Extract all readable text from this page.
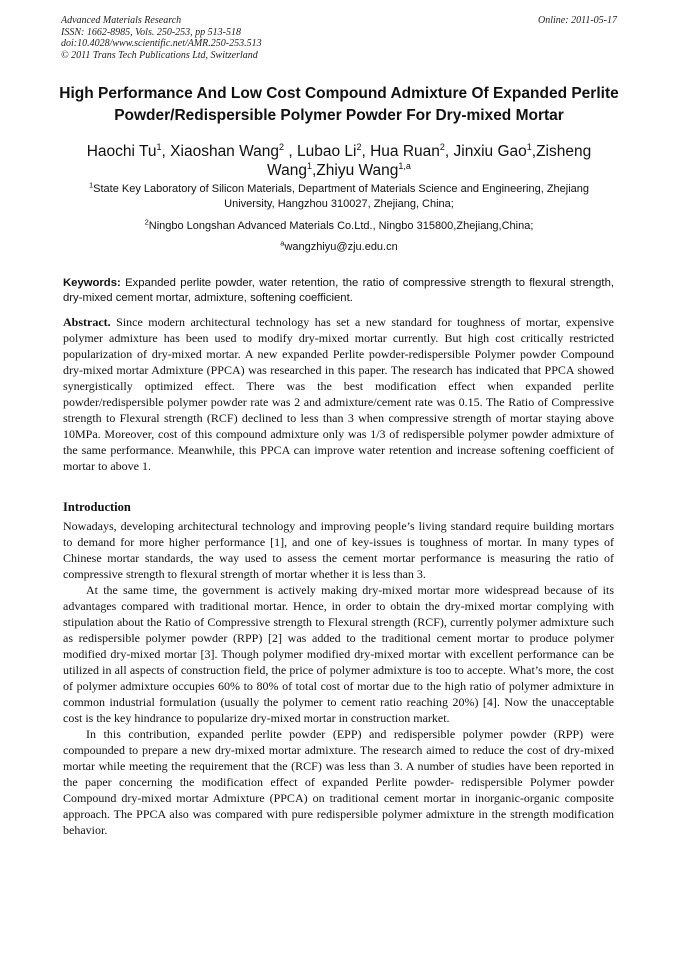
Advanced Materials Research
ISSN: 1662-8985, Vols. 250-253, pp 513-518
doi:10.4028/www.scientific.net/AMR.250-253.513
© 2011 Trans Tech Publications Ltd, Switzerland
Online: 2011-05-17
High Performance And Low Cost Compound Admixture Of Expanded Perlite Powder/Redispersible Polymer Powder For Dry-mixed Mortar
Haochi Tu$^1$, Xiaoshan Wang$^2$ , Lubao Li$^2$, Hua Ruan$^2$, Jinxiu Gao$^1$,Zisheng Wang$^1$,Zhiyu Wang$^{1,a}$
$^1$State Key Laboratory of Silicon Materials, Department of Materials Science and Engineering, Zhejiang University, Hangzhou 310027, Zhejiang, China;
$^2$Ningbo Longshan Advanced Materials Co.Ltd., Ningbo 315800,Zhejiang,China;
$^a$wangzhiyu@zju.edu.cn
Keywords: Expanded perlite powder, water retention, the ratio of compressive strength to flexural strength, dry-mixed cement mortar, admixture, softening coefficient.
Abstract. Since modern architectural technology has set a new standard for toughness of mortar, expensive polymer admixture has been used to modify dry-mixed mortar currently. But high cost critically restricted popularization of dry-mixed mortar. A new expanded Perlite powder-redispersible Polymer powder Compound dry-mixed mortar Admixture (PPCA) was researched in this paper. The research has indicated that PPCA showed synergistically optimized effect. There was the best modification effect when expanded perlite powder/redispersible polymer powder rate was 2 and admixture/cement rate was 0.15. The Ratio of Compressive strength to Flexural strength (RCF) declined to less than 3 when compressive strength of mortar staying above 10MPa. Moreover, cost of this compound admixture only was 1/3 of redispersible polymer powder admixture of the same performance. Meanwhile, this PPCA can improve water retention and increase softening coefficient of mortar to above 1.
Introduction

Nowadays, developing architectural technology and improving people’s living standard require building mortars to demand for more higher performance [1], and one of key-issues is toughness of mortar. In many types of Chinese mortar standards, the way used to assess the cement mortar performance is measuring the ratio of compressive strength to flexural strength of mortar whether it is less than 3.

At the same time, the government is actively making dry-mixed mortar more widespread because of its advantages compared with traditional mortar. Hence, in order to obtain the dry-mixed mortar complying with stipulation about the Ratio of Compressive strength to Flexural strength (RCF), currently polymer admixture such as redispersible polymer powder (RPP) [2] was added to the traditional cement mortar to produce polymer modified dry-mixed mortar [3]. Though polymer modified dry-mixed mortar with excellent performance can be utilized in all aspects of construction field, the price of polymer admixture is too to accepte. What’s more, the cost of polymer admixture occupies 60% to 80% of total cost of mortar due to the high ratio of polymer admixture in common industrial formulation (usually the polymer to cement ratio reaching 20%) [4]. Now the unacceptable cost is the key hindrance to popularize dry-mixed mortar in construction market.

In this contribution, expanded perlite powder (EPP) and redispersible polymer powder (RPP) were compounded to prepare a new dry-mixed mortar admixture. The research aimed to reduce the cost of dry-mixed mortar while meeting the requirement that the (RCF) was less than 3. A number of studies have been reported in the paper concerning the modification effect of expanded Perlite powder- redispersible Polymer powder Compound dry-mixed mortar Admixture (PPCA) on traditional cement mortar in inorganic-organic composite approach. The PPCA also was compared with pure redispersible polymer admixture in the strength modification behavior.
